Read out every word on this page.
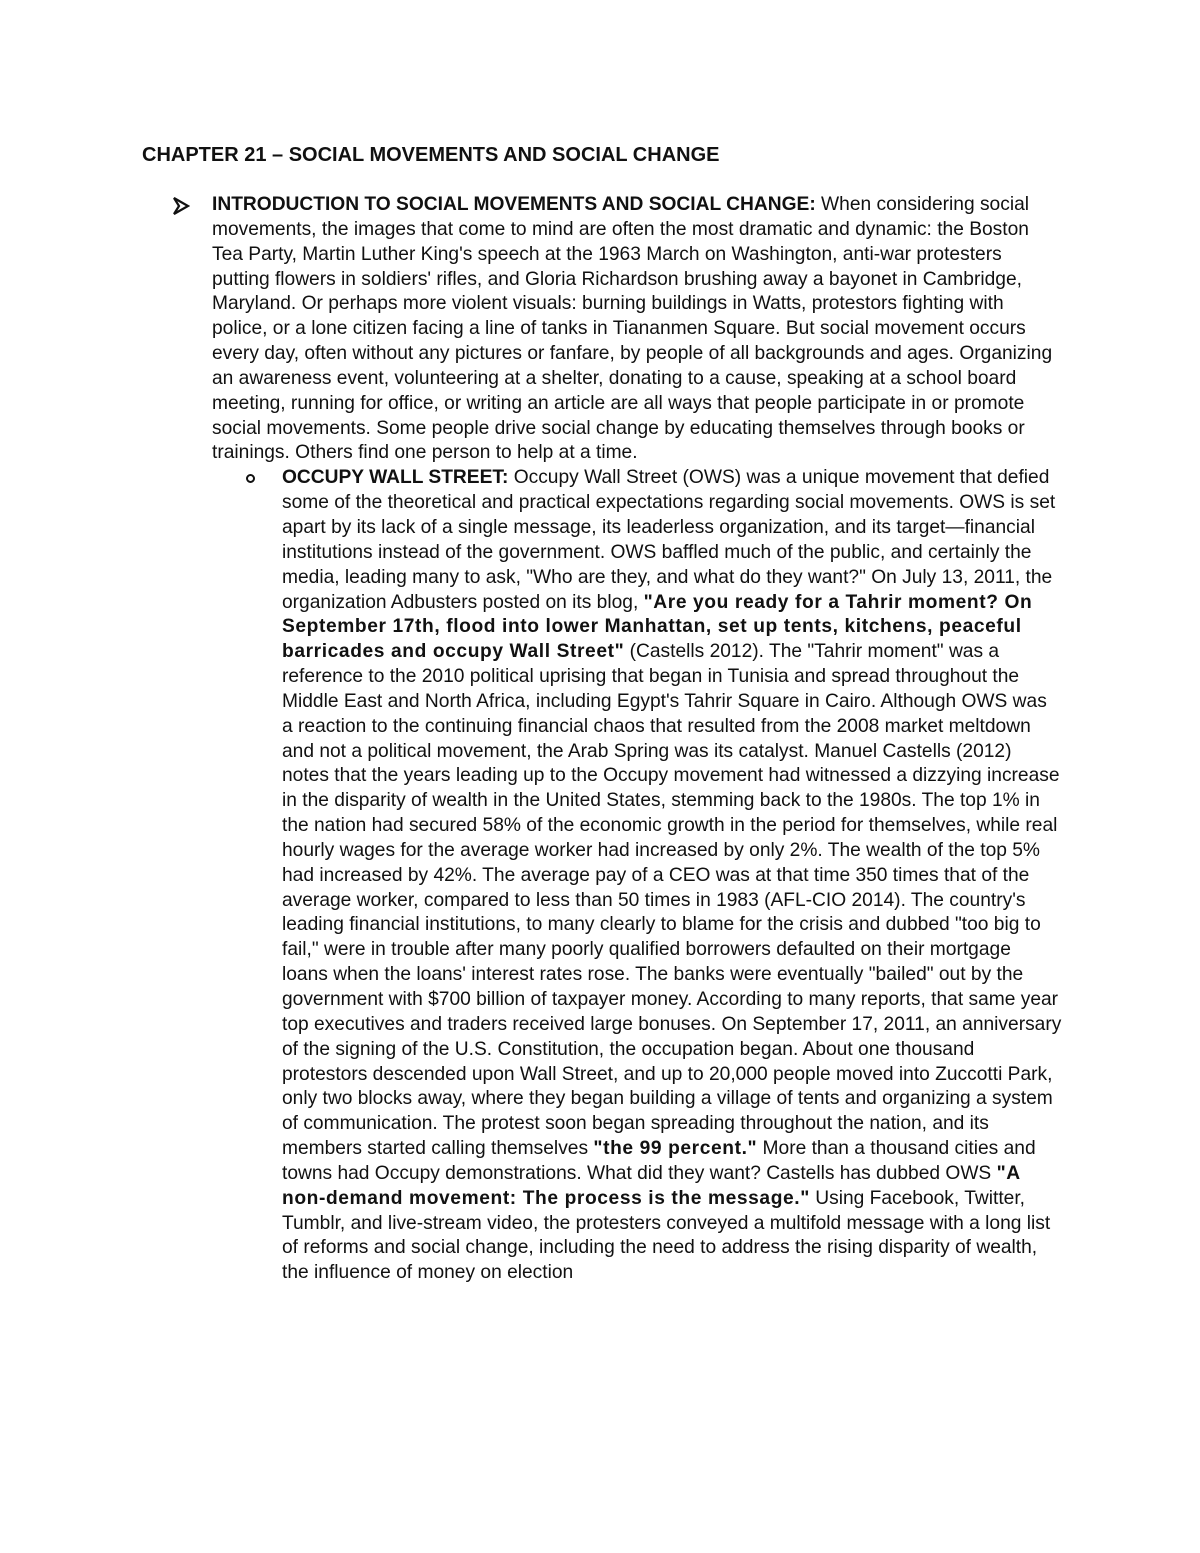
CHAPTER 21 – SOCIAL MOVEMENTS AND SOCIAL CHANGE
INTRODUCTION TO SOCIAL MOVEMENTS AND SOCIAL CHANGE: When considering social movements, the images that come to mind are often the most dramatic and dynamic: the Boston Tea Party, Martin Luther King's speech at the 1963 March on Washington, anti-war protesters putting flowers in soldiers' rifles, and Gloria Richardson brushing away a bayonet in Cambridge, Maryland. Or perhaps more violent visuals: burning buildings in Watts, protestors fighting with police, or a lone citizen facing a line of tanks in Tiananmen Square. But social movement occurs every day, often without any pictures or fanfare, by people of all backgrounds and ages. Organizing an awareness event, volunteering at a shelter, donating to a cause, speaking at a school board meeting, running for office, or writing an article are all ways that people participate in or promote social movements. Some people drive social change by educating themselves through books or trainings. Others find one person to help at a time.
OCCUPY WALL STREET: Occupy Wall Street (OWS) was a unique movement that defied some of the theoretical and practical expectations regarding social movements. OWS is set apart by its lack of a single message, its leaderless organization, and its target—financial institutions instead of the government. OWS baffled much of the public, and certainly the media, leading many to ask, "Who are they, and what do they want?" On July 13, 2011, the organization Adbusters posted on its blog, "Are you ready for a Tahrir moment? On September 17th, flood into lower Manhattan, set up tents, kitchens, peaceful barricades and occupy Wall Street" (Castells 2012). The "Tahrir moment" was a reference to the 2010 political uprising that began in Tunisia and spread throughout the Middle East and North Africa, including Egypt's Tahrir Square in Cairo. Although OWS was a reaction to the continuing financial chaos that resulted from the 2008 market meltdown and not a political movement, the Arab Spring was its catalyst. Manuel Castells (2012) notes that the years leading up to the Occupy movement had witnessed a dizzying increase in the disparity of wealth in the United States, stemming back to the 1980s. The top 1% in the nation had secured 58% of the economic growth in the period for themselves, while real hourly wages for the average worker had increased by only 2%. The wealth of the top 5% had increased by 42%. The average pay of a CEO was at that time 350 times that of the average worker, compared to less than 50 times in 1983 (AFL-CIO 2014). The country's leading financial institutions, to many clearly to blame for the crisis and dubbed "too big to fail," were in trouble after many poorly qualified borrowers defaulted on their mortgage loans when the loans' interest rates rose. The banks were eventually "bailed" out by the government with $700 billion of taxpayer money. According to many reports, that same year top executives and traders received large bonuses. On September 17, 2011, an anniversary of the signing of the U.S. Constitution, the occupation began. About one thousand protestors descended upon Wall Street, and up to 20,000 people moved into Zuccotti Park, only two blocks away, where they began building a village of tents and organizing a system of communication. The protest soon began spreading throughout the nation, and its members started calling themselves "the 99 percent." More than a thousand cities and towns had Occupy demonstrations. What did they want? Castells has dubbed OWS "A non-demand movement: The process is the message." Using Facebook, Twitter, Tumblr, and live-stream video, the protesters conveyed a multifold message with a long list of reforms and social change, including the need to address the rising disparity of wealth, the influence of money on election
